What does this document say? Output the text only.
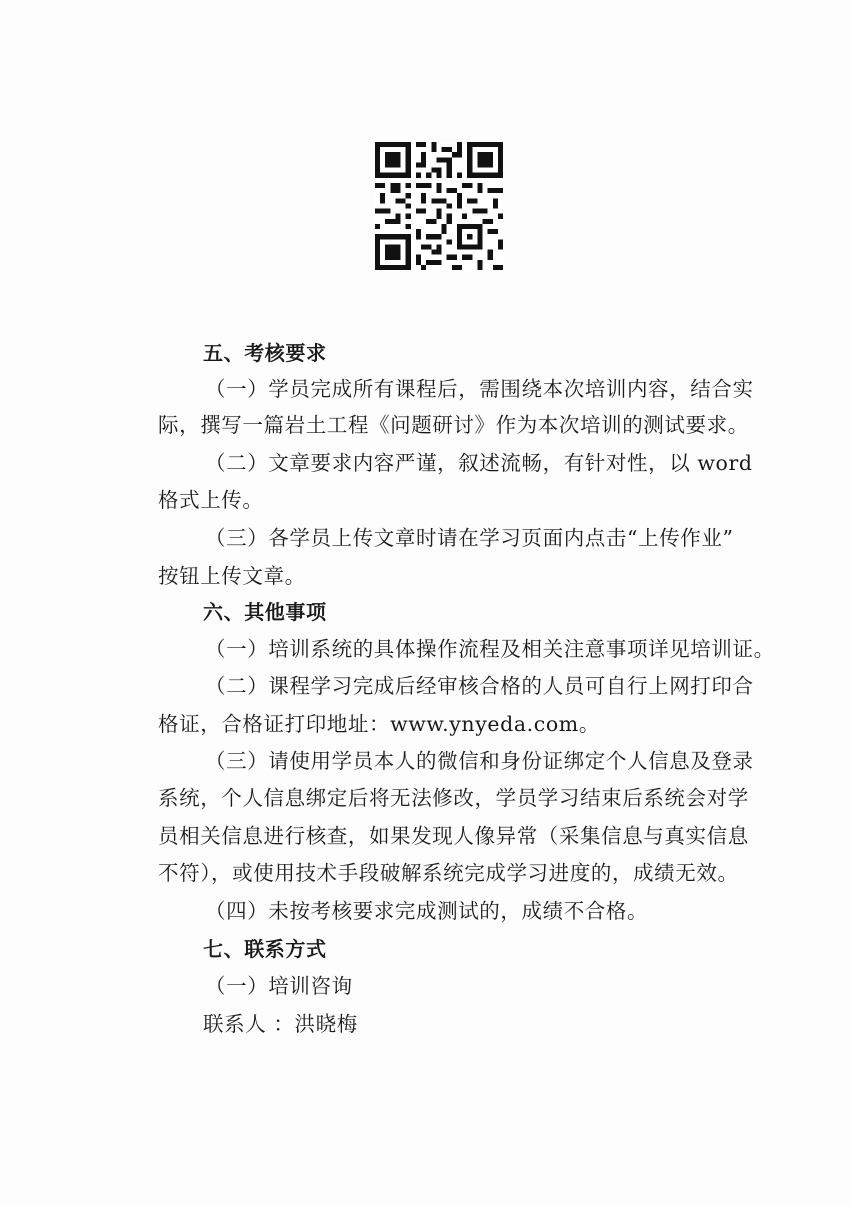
五、考核要求
（一）学员完成所有课程后，需围绕本次培训内容，结合实
际，撰写一篇岩土工程《问题研讨》作为本次培训的测试要求。
（二）文章要求内容严谨，叙述流畅，有针对性，以 word
格式上传。
（三）各学员上传文章时请在学习页面内点击“上传作业”
按钮上传文章。
六、其他事项
（一）培训系统的具体操作流程及相关注意事项详见培训证。
（二）课程学习完成后经审核合格的人员可自行上网打印合
格证，合格证打印地址：www.ynyeda.com。
（三）请使用学员本人的微信和身份证绑定个人信息及登录
系统，个人信息绑定后将无法修改，学员学习结束后系统会对学
员相关信息进行核查，如果发现人像异常（采集信息与真实信息
不符），或使用技术手段破解系统完成学习进度的，成绩无效。
（四）未按考核要求完成测试的，成绩不合格。
七、联系方式
（一）培训咨询
联系人 ：洪晓梅
